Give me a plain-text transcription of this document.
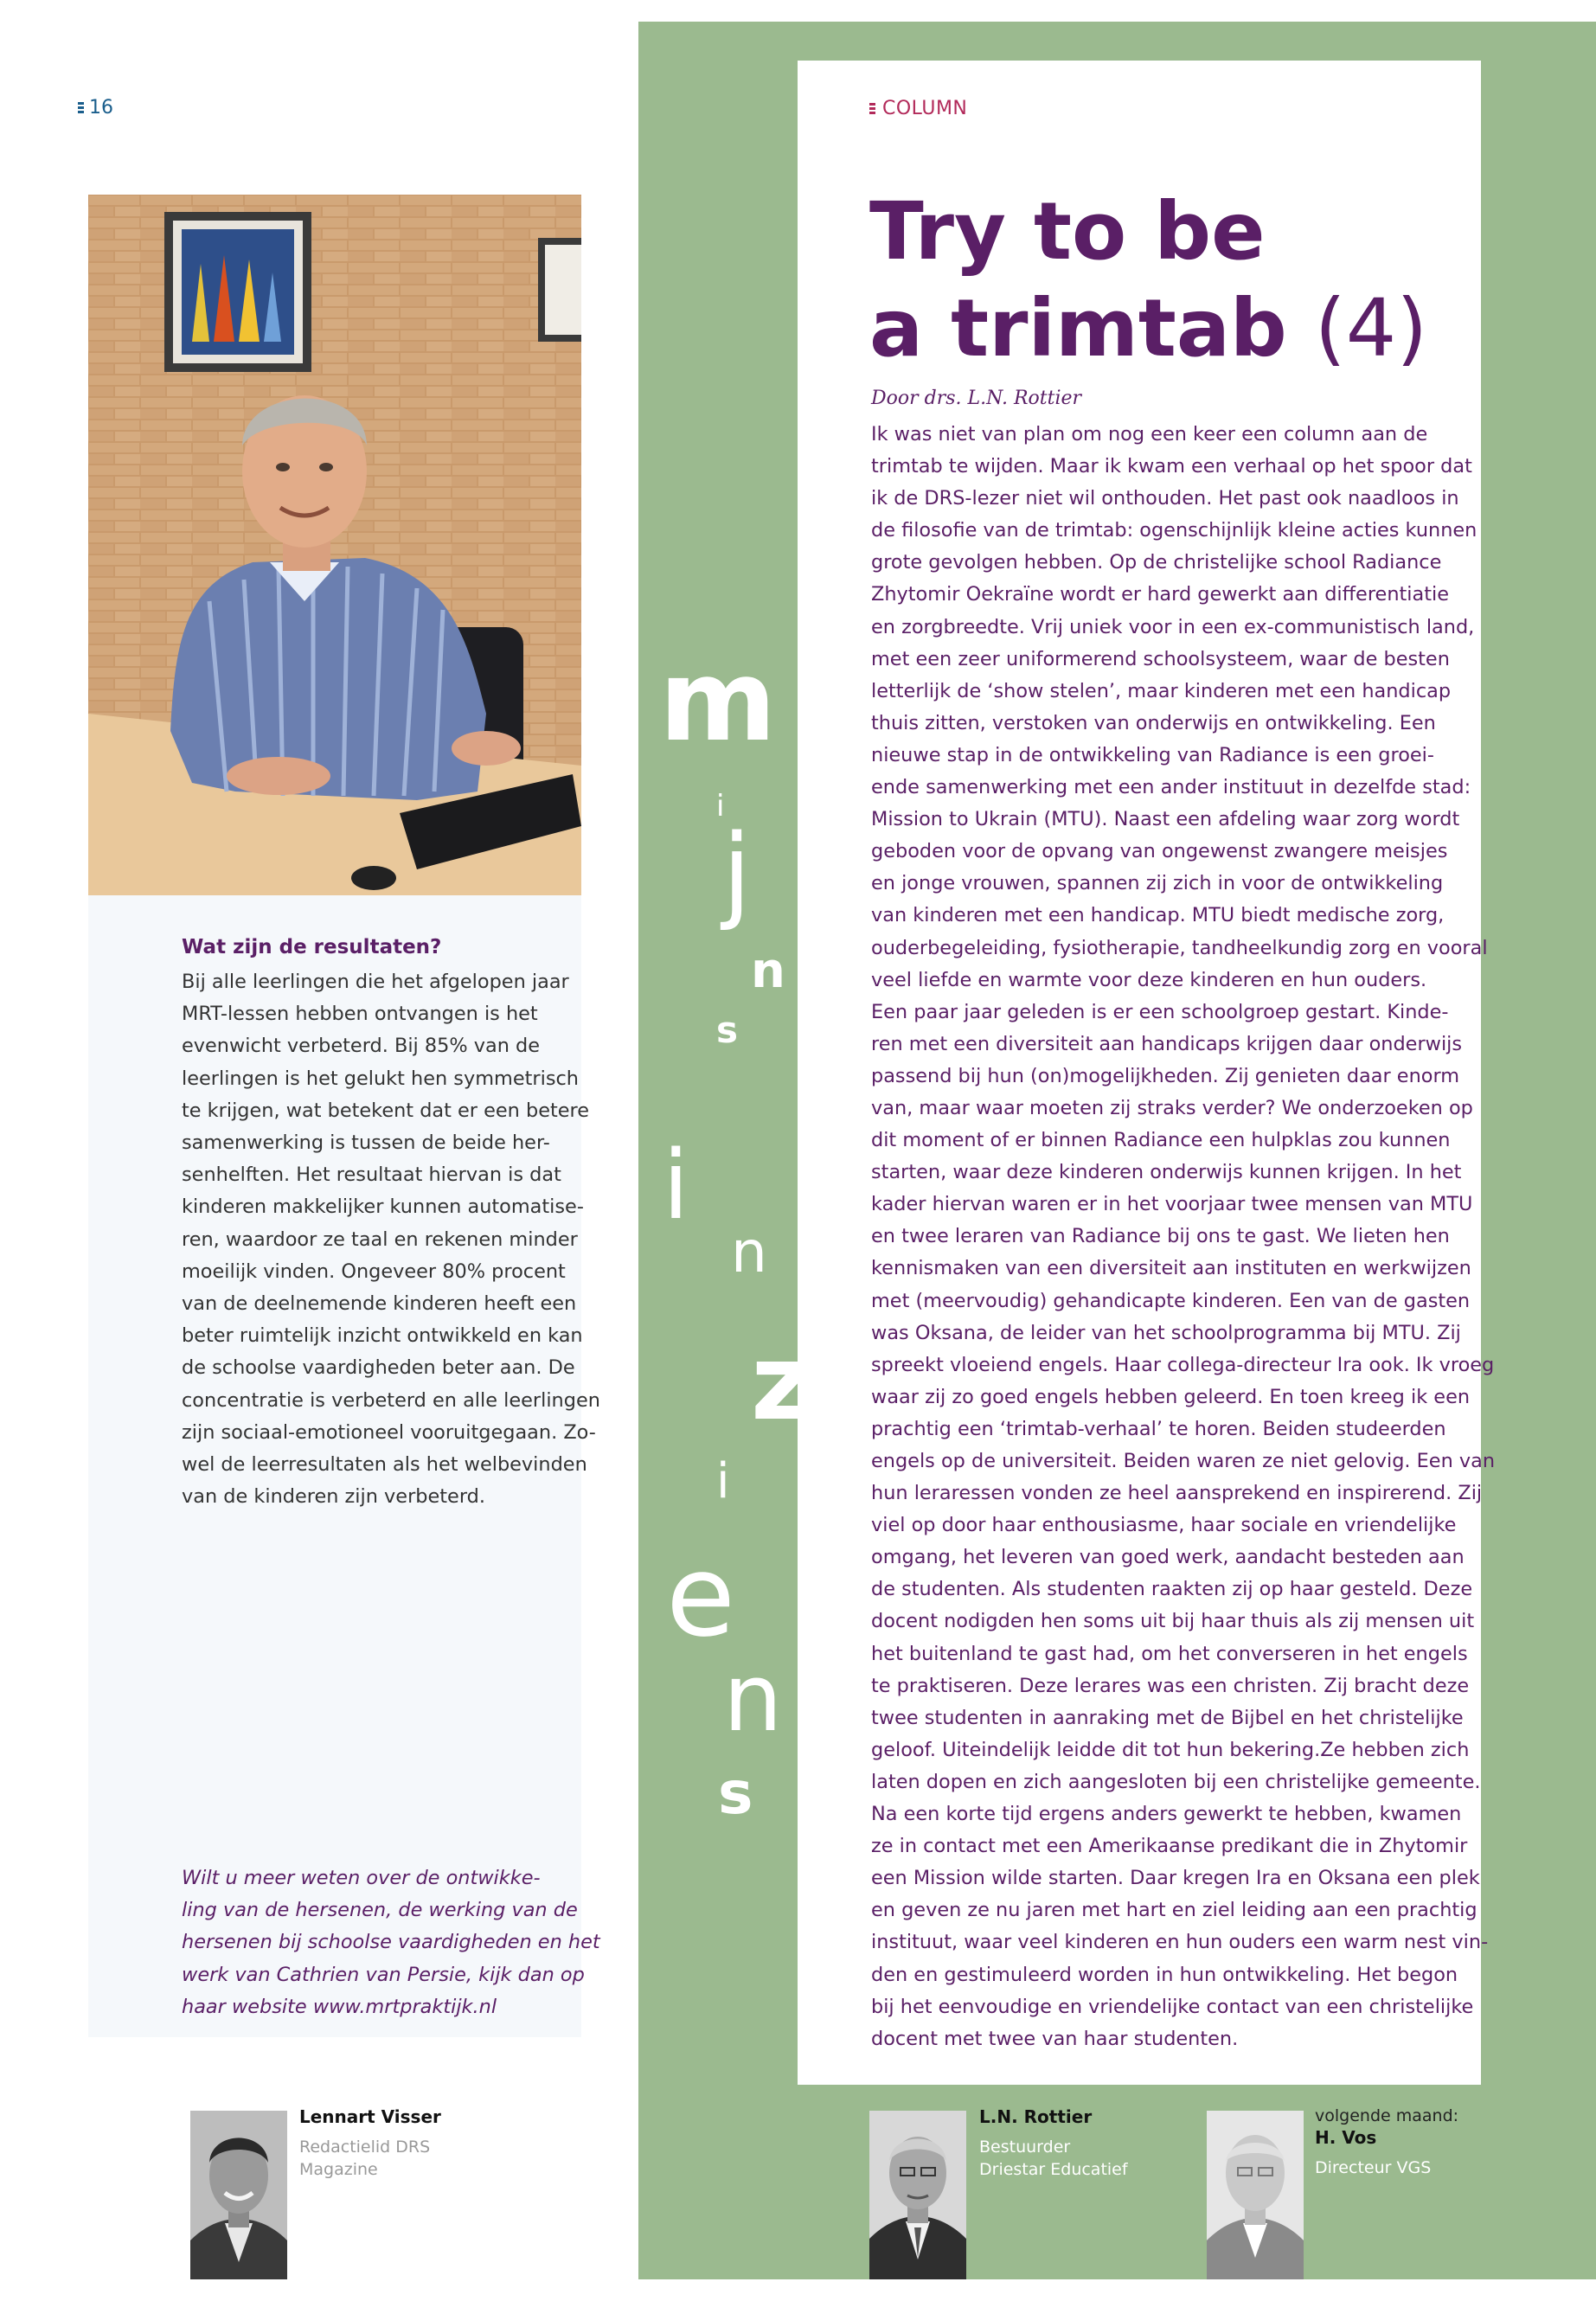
16
Wat zijn de resultaten?
Bij alle leerlingen die het afgelopen jaar
MRT-lessen hebben ontvangen is het
evenwicht verbeterd. Bij 85% van de
leerlingen is het gelukt hen symmetrisch
te krijgen, wat betekent dat er een betere
samenwerking is tussen de beide her-
senhelften. Het resultaat hiervan is dat
kinderen makkelijker kunnen automatise-
ren, waardoor ze taal en rekenen minder
moeilijk vinden. Ongeveer 80% procent
van de deelnemende kinderen heeft een
beter ruimtelijk inzicht ontwikkeld en kan
de schoolse vaardigheden beter aan. De
concentratie is verbeterd en alle leerlingen
zijn sociaal-emotioneel vooruitgegaan. Zo-
wel de leerresultaten als het welbevinden
van de kinderen zijn verbeterd.
Wilt u meer weten over de ontwikke-
ling van de hersenen, de werking van de
hersenen bij schoolse vaardigheden en het
werk van Cathrien van Persie, kijk dan op
haar website www.mrtpraktijk.nl
Lennart Visser
Redactielid DRS
Magazine
m
i
j
n
s
i
n
z
i
e
n
s
COLUMN
Try to be
a trimtab (4)
Door drs. L.N. Rottier
Ik was niet van plan om nog een keer een column aan de
trimtab te wijden. Maar ik kwam een verhaal op het spoor dat
ik de DRS-lezer niet wil onthouden. Het past ook naadloos in
de filosofie van de trimtab: ogenschijnlijk kleine acties kunnen
grote gevolgen hebben. Op de christelijke school Radiance
Zhytomir Oekraïne wordt er hard gewerkt aan differentiatie
en zorgbreedte. Vrij uniek voor in een ex-communistisch land,
met een zeer uniformerend schoolsysteem, waar de besten
letterlijk de ‘show stelen’, maar kinderen met een handicap
thuis zitten, verstoken van onderwijs en ontwikkeling. Een
nieuwe stap in de ontwikkeling van Radiance is een groei-
ende samenwerking met een ander instituut in dezelfde stad:
Mission to Ukrain (MTU). Naast een afdeling waar zorg wordt
geboden voor de opvang van ongewenst zwangere meisjes
en jonge vrouwen, spannen zij zich in voor de ontwikkeling
van kinderen met een handicap. MTU biedt medische zorg,
ouderbegeleiding, fysiotherapie, tandheelkundig zorg en vooral
veel liefde en warmte voor deze kinderen en hun ouders.
Een paar jaar geleden is er een schoolgroep gestart. Kinde-
ren met een diversiteit aan handicaps krijgen daar onderwijs
passend bij hun (on)mogelijkheden. Zij genieten daar enorm
van, maar waar moeten zij straks verder? We onderzoeken op
dit moment of er binnen Radiance een hulpklas zou kunnen
starten, waar deze kinderen onderwijs kunnen krijgen. In het
kader hiervan waren er in het voorjaar twee mensen van MTU
en twee leraren van Radiance bij ons te gast. We lieten hen
kennismaken van een diversiteit aan instituten en werkwijzen
met (meervoudig) gehandicapte kinderen. Een van de gasten
was Oksana, de leider van het schoolprogramma bij MTU. Zij
spreekt vloeiend engels. Haar collega-directeur Ira ook. Ik vroeg
waar zij zo goed engels hebben geleerd. En toen kreeg ik een
prachtig een ‘trimtab-verhaal’ te horen. Beiden studeerden
engels op de universiteit. Beiden waren ze niet gelovig. Een van
hun leraressen vonden ze heel aansprekend en inspirerend. Zij
viel op door haar enthousiasme, haar sociale en vriendelijke
omgang, het leveren van goed werk, aandacht besteden aan
de studenten. Als studenten raakten zij op haar gesteld. Deze
docent nodigden hen soms uit bij haar thuis als zij mensen uit
het buitenland te gast had, om het converseren in het engels
te praktiseren. Deze lerares was een christen. Zij bracht deze
twee studenten in aanraking met de Bijbel en het christelijke
geloof. Uiteindelijk leidde dit tot hun bekering.Ze hebben zich
laten dopen en zich aangesloten bij een christelijke gemeente.
Na een korte tijd ergens anders gewerkt te hebben, kwamen
ze in contact met een Amerikaanse predikant die in Zhytomir
een Mission wilde starten. Daar kregen Ira en Oksana een plek
en geven ze nu jaren met hart en ziel leiding aan een prachtig
instituut, waar veel kinderen en hun ouders een warm nest vin-
den en gestimuleerd worden in hun ontwikkeling. Het begon
bij het eenvoudige en vriendelijke contact van een christelijke
docent met twee van haar studenten.
L.N. Rottier
Bestuurder
Driestar Educatief
volgende maand:
H. Vos
Directeur VGS
